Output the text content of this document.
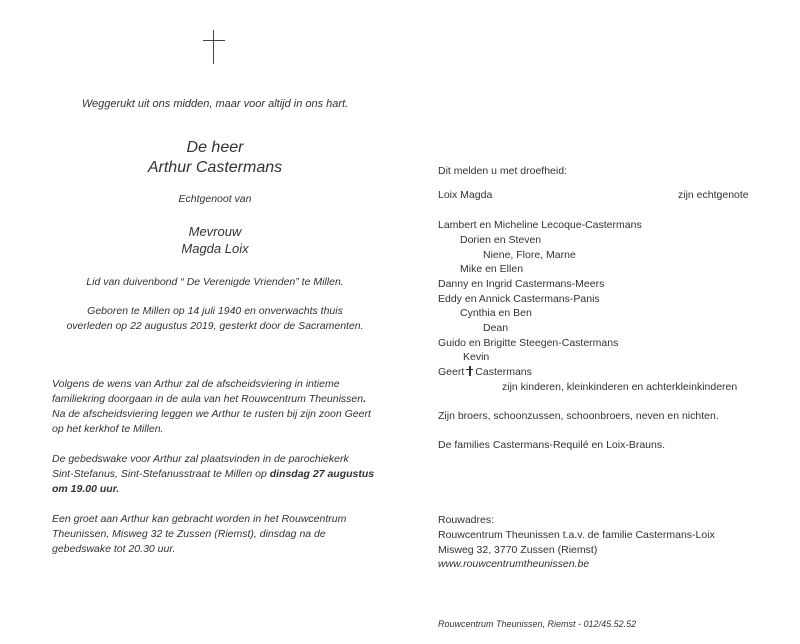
Weggerukt uit ons midden, maar voor altijd in ons hart.
De heer
Arthur Castermans
Echtgenoot van
Mevrouw
Magda Loix
Lid van duivenbond “ De Verenigde Vrienden” te Millen.
Geboren te Millen op 14 juli 1940 en onverwachts thuis
overleden op 22 augustus 2019, gesterkt door de Sacramenten.
Volgens de wens van Arthur zal de afscheidsviering in intieme
familiekring doorgaan in de aula van het Rouwcentrum Theunissen.
Na de afscheidsviering leggen we Arthur te rusten bij zijn zoon Geert
op het kerkhof te Millen.
De gebedswake voor Arthur zal plaatsvinden in de parochiekerk
Sint-Stefanus, Sint-Stefanusstraat te Millen op dinsdag 27 augustus
om 19.00 uur.
Een groet aan Arthur kan gebracht worden in het Rouwcentrum
Theunissen, Misweg 32 te Zussen (Riemst), dinsdag na de
gebedswake tot 20.30 uur.
Dit melden u met droefheid:
Loix Magda	zijn echtgenote
Lambert en Micheline Lecoque-Castermans
Dorien en Steven
Niene, Flore, Marne
Mike en Ellen
Danny en Ingrid Castermans-Meers
Eddy en Annick Castermans-Panis
Cynthia en Ben
Dean
Guido en Brigitte Steegen-Castermans
Kevin
Geert Castermans
zijn kinderen, kleinkinderen en achterkleinkinderen
Zijn broers, schoonzussen, schoonbroers, neven en nichten.
De families Castermans-Requilé en Loix-Brauns.
Rouwadres:
Rouwcentrum Theunissen t.a.v. de familie Castermans-Loix
Misweg 32, 3770 Zussen (Riemst)
www.rouwcentrumtheunissen.be
Rouwcentrum Theunissen, Riemst - 012/45.52.52
